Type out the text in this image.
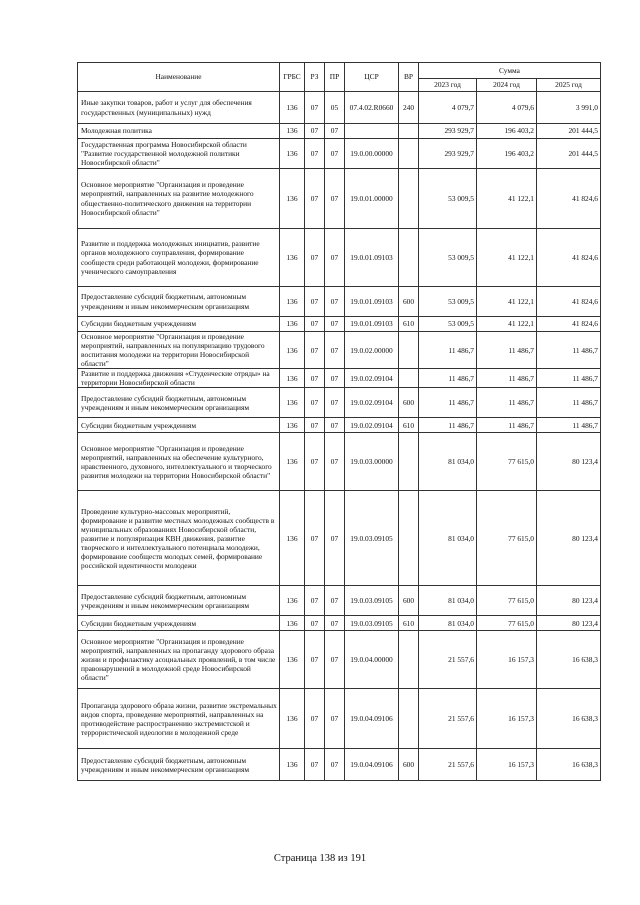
Наименование	ГРБС	РЗ	ПР	ЦСР	ВР	Сумма		
						2023 год	2024 год	2025 год
Иные закупки товаров, работ и услуг для обеспечения государственных (муниципальных) нужд	136	07	05	07.4.02.R0660	240	4 079,7	4 079,6	3 991,0
Молодежная политика	136	07	07			293 929,7	196 403,2	201 444,5
Государственная программа Новосибирской области "Развитие государственной молодежной политики Новосибирской области"	136	07	07	19.0.00.00000		293 929,7	196 403,2	201 444,5
Основное мероприятие "Организация и проведение мероприятий, направленных на развитие молодежного общественно-политического движения на территории Новосибирской области"	136	07	07	19.0.01.00000		53 009,5	41 122,1	41 824,6
Развитие и поддержка молодежных инициатив, развитие органов молодежного соуправления, формирование сообществ среди работающей молодежи, формирование ученического самоуправления	136	07	07	19.0.01.09103		53 009,5	41 122,1	41 824,6
Предоставление субсидий бюджетным, автономным учреждениям и иным некоммерческим организациям	136	07	07	19.0.01.09103	600	53 009,5	41 122,1	41 824,6
Субсидии бюджетным учреждениям	136	07	07	19.0.01.09103	610	53 009,5	41 122,1	41 824,6
Основное мероприятие "Организация и проведение мероприятий, направленных на популяризацию трудового воспитания молодежи на территории Новосибирской области"	136	07	07	19.0.02.00000		11 486,7	11 486,7	11 486,7
Развитие и поддержка движения «Студенческие отряды» на территории Новосибирской области	136	07	07	19.0.02.09104		11 486,7	11 486,7	11 486,7
Предоставление субсидий бюджетным, автономным учреждениям и иным некоммерческим организациям	136	07	07	19.0.02.09104	600	11 486,7	11 486,7	11 486,7
Субсидии бюджетным учреждениям	136	07	07	19.0.02.09104	610	11 486,7	11 486,7	11 486,7
Основное мероприятие "Организация и проведение мероприятий, направленных на обеспечение культурного, нравственного, духовного, интеллектуального и творческого развития молодежи на территории Новосибирской области"	136	07	07	19.0.03.00000		81 034,0	77 615,0	80 123,4
Проведение культурно-массовых мероприятий, формирование и развитие местных молодежных сообществ в муниципальных образованиях Новосибирской области, развитие и популяризация КВН движения, развитие творческого и интеллектуального потенциала молодежи, формирование сообществ молодых семей, формирование российской идентичности молодежи	136	07	07	19.0.03.09105		81 034,0	77 615,0	80 123,4
Предоставление субсидий бюджетным, автономным учреждениям и иным некоммерческим организациям	136	07	07	19.0.03.09105	600	81 034,0	77 615,0	80 123,4
Субсидии бюджетным учреждениям	136	07	07	19.0.03.09105	610	81 034,0	77 615,0	80 123,4
Основное мероприятие "Организация и проведение мероприятий, направленных на пропаганду здорового образа жизни и профилактику асоциальных проявлений, в том числе правонарушений в молодежной среде Новосибирской области"	136	07	07	19.0.04.00000		21 557,6	16 157,3	16 638,3
Пропаганда здорового образа жизни, развитие экстремальных видов спорта, проведение мероприятий, направленных на противодействие распространению экстремистской и террористической идеологии в молодежной среде	136	07	07	19.0.04.09106		21 557,6	16 157,3	16 638,3
Предоставление субсидий бюджетным, автономным учреждениям и иным некоммерческим организациям	136	07	07	19.0.04.09106	600	21 557,6	16 157,3	16 638,3
Страница 138 из 191
